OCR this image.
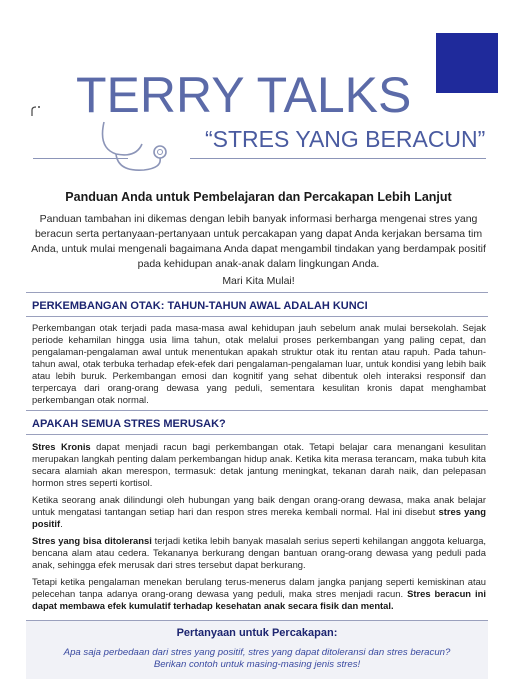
TERRY TALKS
“STRES YANG BERACUN”
Panduan Anda untuk Pembelajaran dan Percakapan Lebih Lanjut

Panduan tambahan ini dikemas dengan lebih banyak informasi berharga mengenai stres yang beracun serta pertanyaan-pertanyaan untuk percakapan yang dapat Anda kerjakan bersama tim Anda, untuk mulai mengenali bagaimana Anda dapat mengambil tindakan yang berdampak positif pada kehidupan anak-anak dalam lingkungan Anda.

Mari Kita Mulai!
PERKEMBANGAN OTAK: TAHUN-TAHUN AWAL ADALAH KUNCI

Perkembangan otak terjadi pada masa-masa awal kehidupan jauh sebelum anak mulai bersekolah. Sejak periode kehamilan hingga usia lima tahun, otak melalui proses perkembangan yang paling cepat, dan pengalaman-pengalaman awal untuk menentukan apakah struktur otak itu rentan atau rapuh. Pada tahun-tahun awal, otak terbuka terhadap efek-efek dari pengalaman-pengalaman luar, untuk kondisi yang lebih baik atau lebih buruk. Perkembangan emosi dan kognitif yang sehat dibentuk oleh interaksi responsif dan terpercaya dari orang-orang dewasa yang peduli, sementara kesulitan kronis dapat menghambat perkembangan otak normal.

APAKAH SEMUA STRES MERUSAK?

Stres Kronis dapat menjadi racun bagi perkembangan otak. Tetapi belajar cara menangani kesulitan merupakan langkah penting dalam perkembangan hidup anak. Ketika kita merasa terancam, maka tubuh kita secara alamiah akan merespon, termasuk: detak jantung meningkat, tekanan darah naik, dan pelepasan hormon stres seperti kortisol.

Ketika seorang anak dilindungi oleh hubungan yang baik dengan orang-orang dewasa, maka anak belajar untuk mengatasi tantangan setiap hari dan respon stres mereka kembali normal. Hal ini disebut stres yang positif.

Stres yang bisa ditoleransi terjadi ketika lebih banyak masalah serius seperti kehilangan anggota keluarga, bencana alam atau cedera. Tekananya berkurang dengan bantuan orang-orang dewasa yang peduli pada anak, sehingga efek merusak dari stres tersebut dapat berkurang.

Tetapi ketika pengalaman menekan berulang terus-menerus dalam jangka panjang seperti kemiskinan atau pelecehan tanpa adanya orang-orang dewasa yang peduli, maka stres menjadi racun. Stres beracun ini dapat membawa efek kumulatif terhadap kesehatan anak secara fisik dan mental.

Pertanyaan untuk Percakapan:
Apa saja perbedaan dari stres yang positif, stres yang dapat ditoleransi dan stres beracun?
Berikan contoh untuk masing-masing jenis stres!
